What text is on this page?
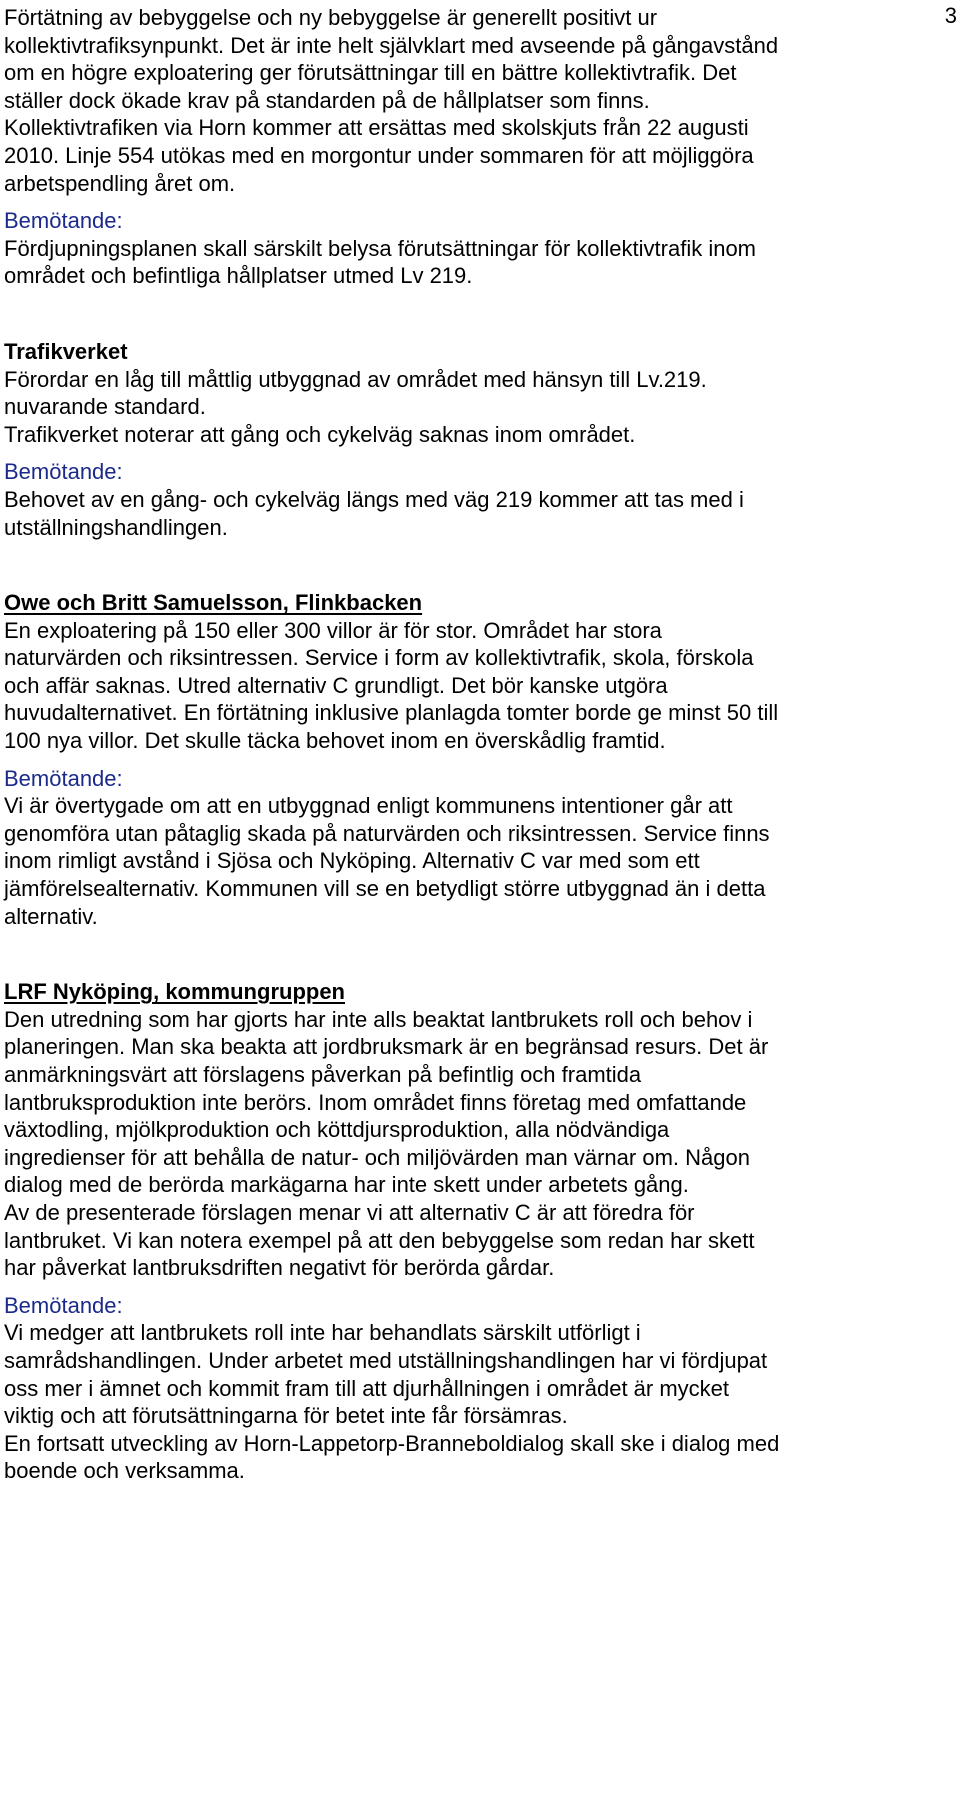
3
Förtätning av bebyggelse och ny bebyggelse är generellt positivt ur
kollektivtrafiksynpunkt. Det är inte helt självklart med avseende på gångavstånd
om en högre exploatering ger förutsättningar till en bättre kollektivtrafik. Det
ställer dock ökade krav på standarden på de hållplatser som finns.
Kollektivtrafiken via Horn kommer att ersättas med skolskjuts från 22 augusti
2010. Linje 554 utökas med en morgontur under sommaren för att möjliggöra
arbetspendling året om.
Bemötande:
Fördjupningsplanen skall särskilt belysa förutsättningar för kollektivtrafik inom
området och befintliga hållplatser utmed Lv 219.
Trafikverket
Förordar en låg till måttlig utbyggnad av området med hänsyn till Lv.219.
nuvarande standard.
Trafikverket noterar att gång och cykelväg saknas inom området.
Bemötande:
Behovet av en gång- och cykelväg längs med väg 219 kommer att tas med i
utställningshandlingen.
Owe och Britt Samuelsson, Flinkbacken
En exploatering på 150 eller 300 villor är för stor. Området har stora
naturvärden och riksintressen. Service i form av kollektivtrafik, skola, förskola
och affär saknas. Utred alternativ C grundligt. Det bör kanske utgöra
huvudalternativet. En förtätning inklusive planlagda tomter borde ge minst 50 till
100 nya villor. Det skulle täcka behovet inom en överskådlig framtid.
Bemötande:
Vi är övertygade om att en utbyggnad enligt kommunens intentioner går att
genomföra utan påtaglig skada på naturvärden och riksintressen. Service finns
inom rimligt avstånd i Sjösa och Nyköping. Alternativ C var med som ett
jämförelsealternativ. Kommunen vill se en betydligt större utbyggnad än i detta
alternativ.
LRF Nyköping, kommungruppen
Den utredning som har gjorts har inte alls beaktat lantbrukets roll och behov i
planeringen. Man ska beakta att jordbruksmark är en begränsad resurs. Det är
anmärkningsvärt att förslagens påverkan på befintlig och framtida
lantbruksproduktion inte berörs. Inom området finns företag med omfattande
växtodling, mjölkproduktion och köttdjursproduktion, alla nödvändiga
ingredienser för att behålla de natur- och miljövärden man värnar om. Någon
dialog med de berörda markägarna har inte skett under arbetets gång.
Av de presenterade förslagen menar vi att alternativ C är att föredra för
lantbruket. Vi kan notera exempel på att den bebyggelse som redan har skett
har påverkat lantbruksdriften negativt för berörda gårdar.
Bemötande:
Vi medger att lantbrukets roll inte har behandlats särskilt utförligt i
samrådshandlingen. Under arbetet med utställningshandlingen har vi fördjupat
oss mer i ämnet och kommit fram till att djurhållningen i området är mycket
viktig och att förutsättningarna för betet inte får försämras.
En fortsatt utveckling av Horn-Lappetorp-Branneboldialog skall ske i dialog med
boende och verksamma.
